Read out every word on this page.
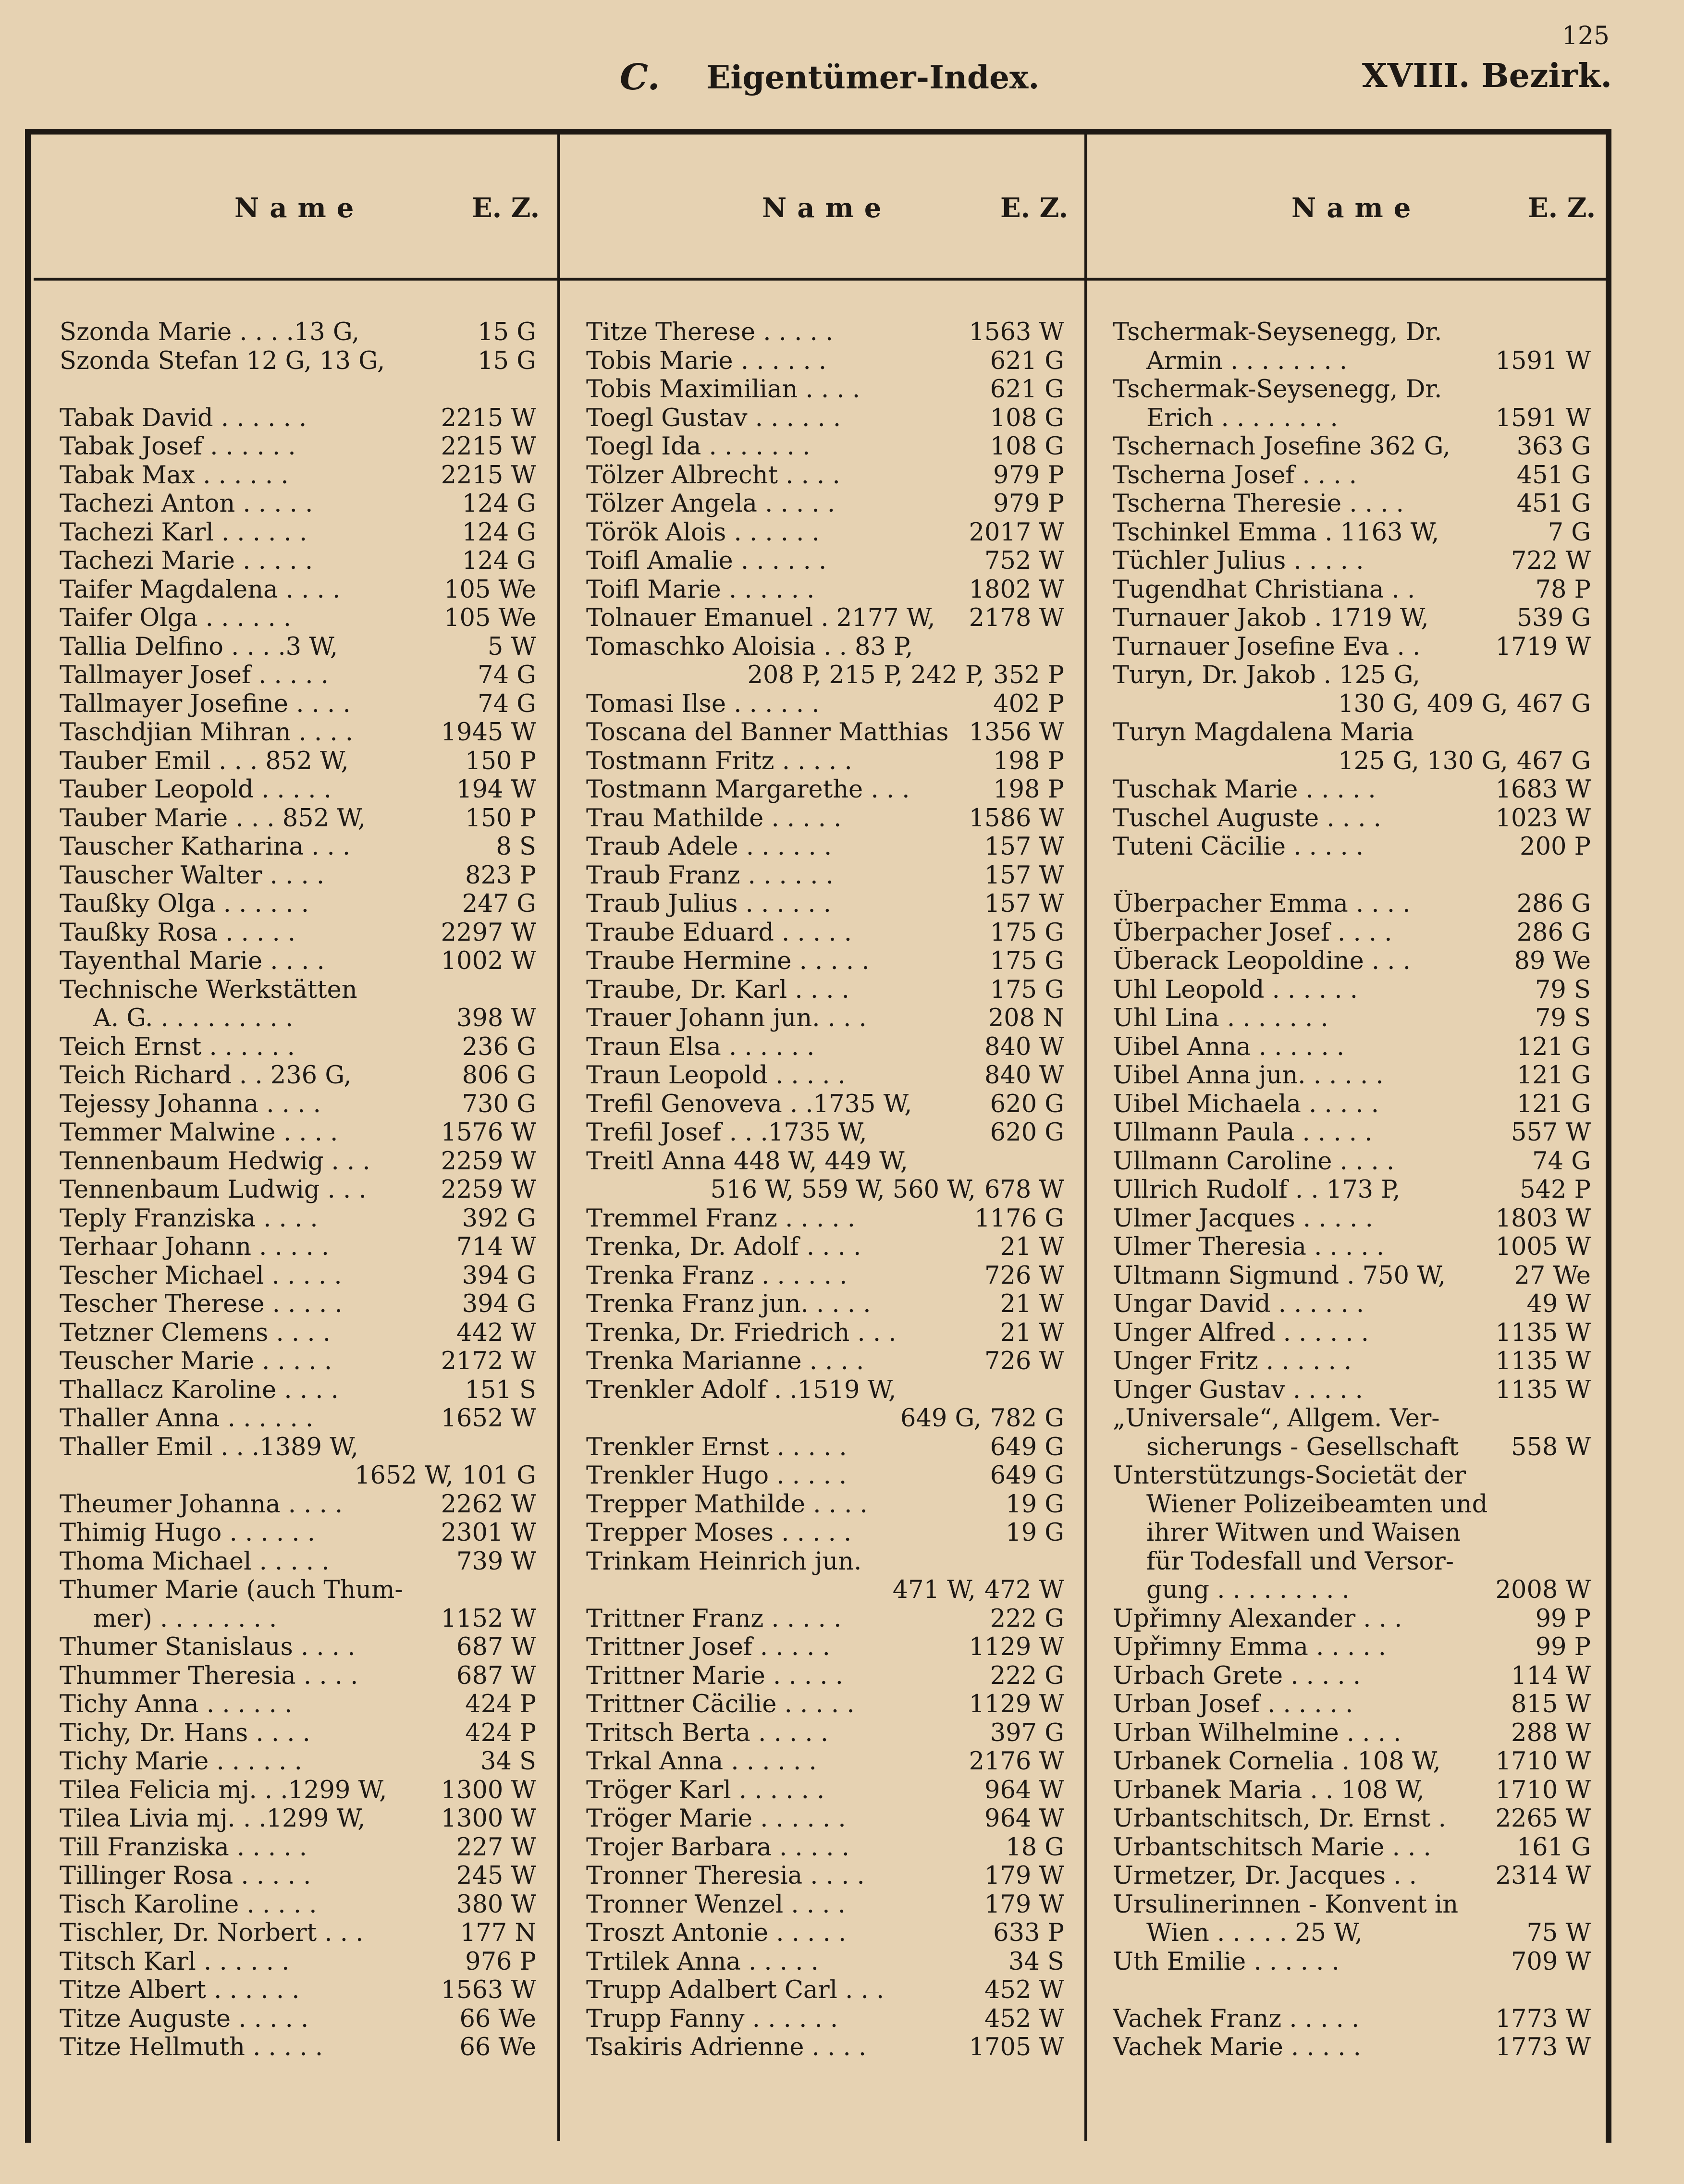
125
C. Eigentümer-Index.	XVIII. Bezirk.
Name	E. Z.	Name	E. Z.	Name	E. Z.
Szonda Marie . . . .13 G,	15 G
Szonda Stefan 12 G, 13 G,	15 G
Tabak David . . . . . .	2215 W
Tabak Josef . . . . . .	2215 W
Tabak Max . . . . . .	2215 W
Tachezi Anton . . . . .	124 G
Tachezi Karl . . . . . .	124 G
Tachezi Marie . . . . .	124 G
Taifer Magdalena . . . .	105 We
Taifer Olga . . . . . .	105 We
Tallia Delfino . . . .3 W,	5 W
Tallmayer Josef . . . . .	74 G
Tallmayer Josefine . . . .	74 G
Taschdjian Mihran . . . .	1945 W
Tauber Emil . . . 852 W,	150 P
Tauber Leopold . . . . .	194 W
Tauber Marie . . . 852 W,	150 P
Tauscher Katharina . . .	8 S
Tauscher Walter . . . .	823 P
Taußky Olga . . . . . .	247 G
Taußky Rosa . . . . .	2297 W
Tayenthal Marie . . . .	1002 W
Technische Werkstätten
A. G. . . . . . . . . .	398 W
Teich Ernst . . . . . .	236 G
Teich Richard . . 236 G,	806 G
Tejessy Johanna . . . .	730 G
Temmer Malwine . . . .	1576 W
Tennenbaum Hedwig . . .	2259 W
Tennenbaum Ludwig . . .	2259 W
Teply Franziska . . . .	392 G
Terhaar Johann . . . . .	714 W
Tescher Michael . . . . .	394 G
Tescher Therese . . . . .	394 G
Tetzner Clemens . . . .	442 W
Teuscher Marie . . . . .	2172 W
Thallacz Karoline . . . .	151 S
Thaller Anna . . . . . .	1652 W
Thaller Emil . . .1389 W,
1652 W, 101 G
Theumer Johanna . . . .	2262 W
Thimig Hugo . . . . . .	2301 W
Thoma Michael . . . . .	739 W
Thumer Marie (auch Thum-
mer) . . . . . . . .	1152 W
Thumer Stanislaus . . . .	687 W
Thummer Theresia . . . .	687 W
Tichy Anna . . . . . .	424 P
Tichy, Dr. Hans . . . .	424 P
Tichy Marie . . . . . .	34 S
Tilea Felicia mj. . .1299 W,	1300 W
Tilea Livia mj. . .1299 W,	1300 W
Till Franziska . . . . .	227 W
Tillinger Rosa . . . . .	245 W
Tisch Karoline . . . . .	380 W
Tischler, Dr. Norbert . . .	177 N
Titsch Karl . . . . . .	976 P
Titze Albert . . . . . .	1563 W
Titze Auguste . . . . .	66 We
Titze Hellmuth . . . . .	66 We
Titze Therese . . . . .	1563 W
Tobis Marie . . . . . .	621 G
Tobis Maximilian . . . .	621 G
Toegl Gustav . . . . . .	108 G
Toegl Ida . . . . . . .	108 G
Tölzer Albrecht . . . .	979 P
Tölzer Angela . . . . .	979 P
Török Alois . . . . . .	2017 W
Toifl Amalie . . . . . .	752 W
Toifl Marie . . . . . .	1802 W
Tolnauer Emanuel . 2177 W,	2178 W
Tomaschko Aloisia . . 83 P,
208 P, 215 P, 242 P, 352 P
Tomasi Ilse . . . . . .	402 P
Toscana del Banner Matthias 1356 W
Tostmann Fritz . . . . .	198 P
Tostmann Margarethe . . .	198 P
Trau Mathilde . . . . .	1586 W
Traub Adele . . . . . .	157 W
Traub Franz . . . . . .	157 W
Traub Julius . . . . . .	157 W
Traube Eduard . . . . .	175 G
Traube Hermine . . . . .	175 G
Traube, Dr. Karl . . . .	175 G
Trauer Johann jun. . . .	208 N
Traun Elsa . . . . . .	840 W
Traun Leopold . . . . .	840 W
Trefil Genoveva . .1735 W,	620 G
Trefil Josef . . .1735 W,	620 G
Treitl Anna 448 W, 449 W,
516 W, 559 W, 560 W, 678 W
Tremmel Franz . . . . .	1176 G
Trenka, Dr. Adolf . . . .	21 W
Trenka Franz . . . . . .	726 W
Trenka Franz jun. . . . .	21 W
Trenka, Dr. Friedrich . . .	21 W
Trenka Marianne . . . .	726 W
Trenkler Adolf . .1519 W,
649 G, 782 G
Trenkler Ernst . . . . .	649 G
Trenkler Hugo . . . . .	649 G
Trepper Mathilde . . . .	19 G
Trepper Moses . . . . .	19 G
Trinkam Heinrich jun.
471 W, 472 W
Trittner Franz . . . . .	222 G
Trittner Josef . . . . .	1129 W
Trittner Marie . . . . .	222 G
Trittner Cäcilie . . . . .	1129 W
Tritsch Berta . . . . .	397 G
Trkal Anna . . . . . .	2176 W
Tröger Karl . . . . . .	964 W
Tröger Marie . . . . . .	964 W
Trojer Barbara . . . . .	18 G
Tronner Theresia . . . .	179 W
Tronner Wenzel . . . .	179 W
Troszt Antonie . . . . .	633 P
Trtilek Anna . . . . .	34 S
Trupp Adalbert Carl . . .	452 W
Trupp Fanny . . . . . .	452 W
Tsakiris Adrienne . . . .	1705 W
Tschermak-Seysenegg, Dr.
Armin . . . . . . . .	1591 W
Tschermak-Seysenegg, Dr.
Erich . . . . . . . .	1591 W
Tschernach Josefine 362 G,	363 G
Tscherna Josef . . . .	451 G
Tscherna Theresie . . . .	451 G
Tschinkel Emma . 1163 W,	7 G
Tüchler Julius . . . . .	722 W
Tugendhat Christiana . .	78 P
Turnauer Jakob . 1719 W,	539 G
Turnauer Josefine Eva . .	1719 W
Turyn, Dr. Jakob . 125 G,
130 G, 409 G, 467 G
Turyn Magdalena Maria
125 G, 130 G, 467 G
Tuschak Marie . . . . .	1683 W
Tuschel Auguste . . . .	1023 W
Tuteni Cäcilie . . . . .	200 P
Überpacher Emma . . . .	286 G
Überpacher Josef . . . .	286 G
Überack Leopoldine . . .	89 We
Uhl Leopold . . . . . .	79 S
Uhl Lina . . . . . . .	79 S
Uibel Anna . . . . . .	121 G
Uibel Anna jun. . . . . .	121 G
Uibel Michaela . . . . .	121 G
Ullmann Paula . . . . .	557 W
Ullmann Caroline . . . .	74 G
Ullrich Rudolf . . 173 P,	542 P
Ulmer Jacques . . . . .	1803 W
Ulmer Theresia . . . . .	1005 W
Ultmann Sigmund . 750 W,	27 We
Ungar David . . . . . .	49 W
Unger Alfred . . . . . .	1135 W
Unger Fritz . . . . . .	1135 W
Unger Gustav . . . . .	1135 W
„Universale“, Allgem. Ver-
sicherungs - Gesellschaft	558 W
Unterstützungs-Societät der
Wiener Polizeibeamten und
ihrer Witwen und Waisen
für Todesfall und Versor-
gung . . . . . . . . .	2008 W
Upřimny Alexander . . .	99 P
Upřimny Emma . . . . .	99 P
Urbach Grete . . . . .	114 W
Urban Josef . . . . . .	815 W
Urban Wilhelmine . . . .	288 W
Urbanek Cornelia . 108 W,	1710 W
Urbanek Maria . . 108 W,	1710 W
Urbantschitsch, Dr. Ernst .	2265 W
Urbantschitsch Marie . . .	161 G
Urmetzer, Dr. Jacques . .	2314 W
Ursulinerinnen - Konvent in
Wien . . . . . 25 W,	75 W
Uth Emilie . . . . . .	709 W
Vachek Franz . . . . .	1773 W
Vachek Marie . . . . .	1773 W
